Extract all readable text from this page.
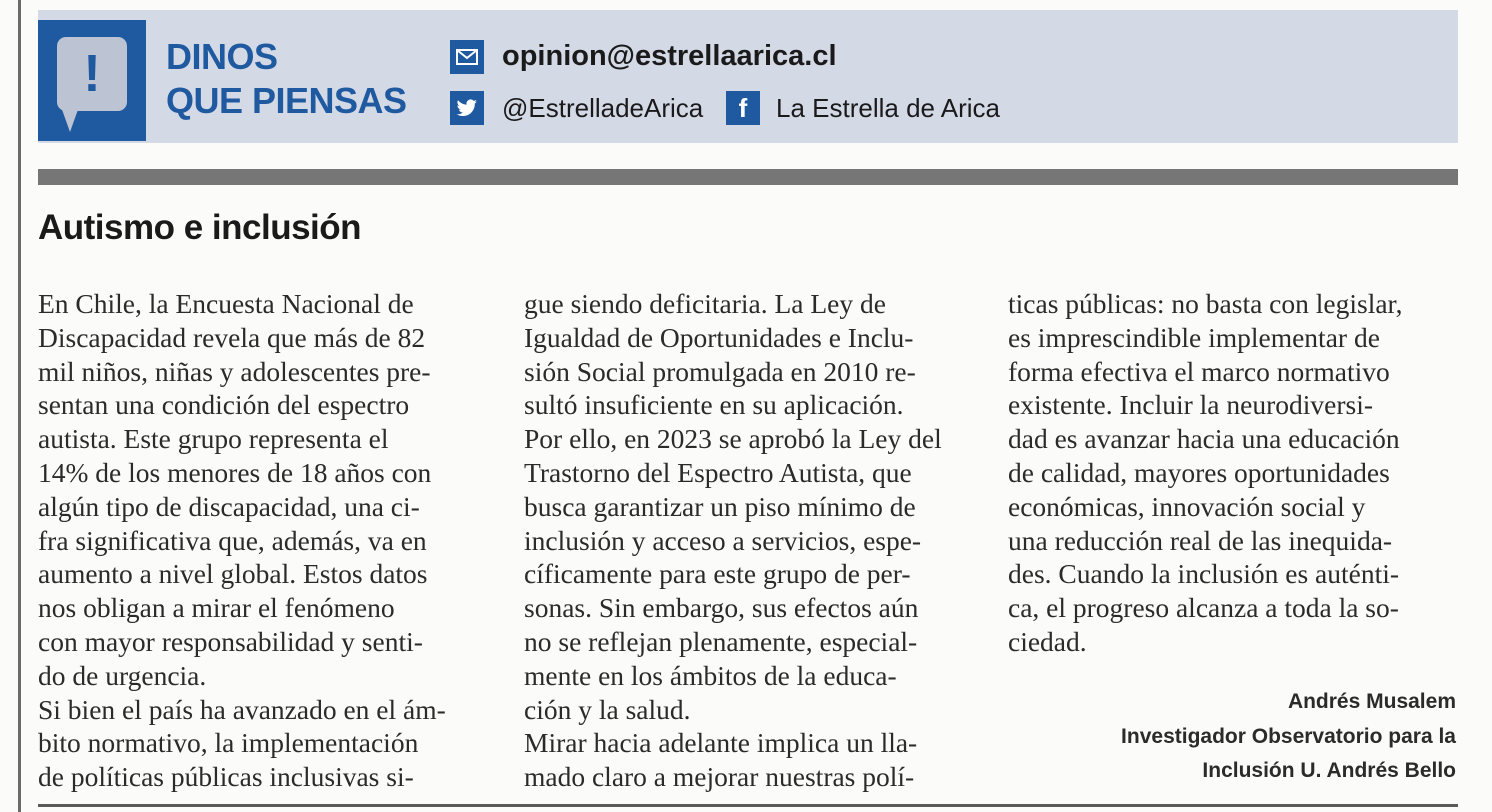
!	DINOS
QUE PIENSAS
opinion@estrellaarica.cl
@EstrelladeArica	f	La Estrella de Arica
Autismo e inclusión
En Chile, la Encuesta Nacional de
Discapacidad revela que más de 82
mil niños, niñas y adolescentes pre-
sentan una condición del espectro
autista. Este grupo representa el
14% de los menores de 18 años con
algún tipo de discapacidad, una ci-
fra significativa que, además, va en
aumento a nivel global. Estos datos
nos obligan a mirar el fenómeno
con mayor responsabilidad y senti-
do de urgencia.
Si bien el país ha avanzado en el ám-
bito normativo, la implementación
de políticas públicas inclusivas si-
gue siendo deficitaria. La Ley de
Igualdad de Oportunidades e Inclu-
sión Social promulgada en 2010 re-
sultó insuficiente en su aplicación.
Por ello, en 2023 se aprobó la Ley del
Trastorno del Espectro Autista, que
busca garantizar un piso mínimo de
inclusión y acceso a servicios, espe-
cíficamente para este grupo de per-
sonas. Sin embargo, sus efectos aún
no se reflejan plenamente, especial-
mente en los ámbitos de la educa-
ción y la salud.
Mirar hacia adelante implica un lla-
mado claro a mejorar nuestras polí-
ticas públicas: no basta con legislar,
es imprescindible implementar de
forma efectiva el marco normativo
existente. Incluir la neurodiversi-
dad es avanzar hacia una educación
de calidad, mayores oportunidades
económicas, innovación social y
una reducción real de las inequida-
des. Cuando la inclusión es auténti-
ca, el progreso alcanza a toda la so-
ciedad.
Andrés Musalem
Investigador Observatorio para la
Inclusión U. Andrés Bello
